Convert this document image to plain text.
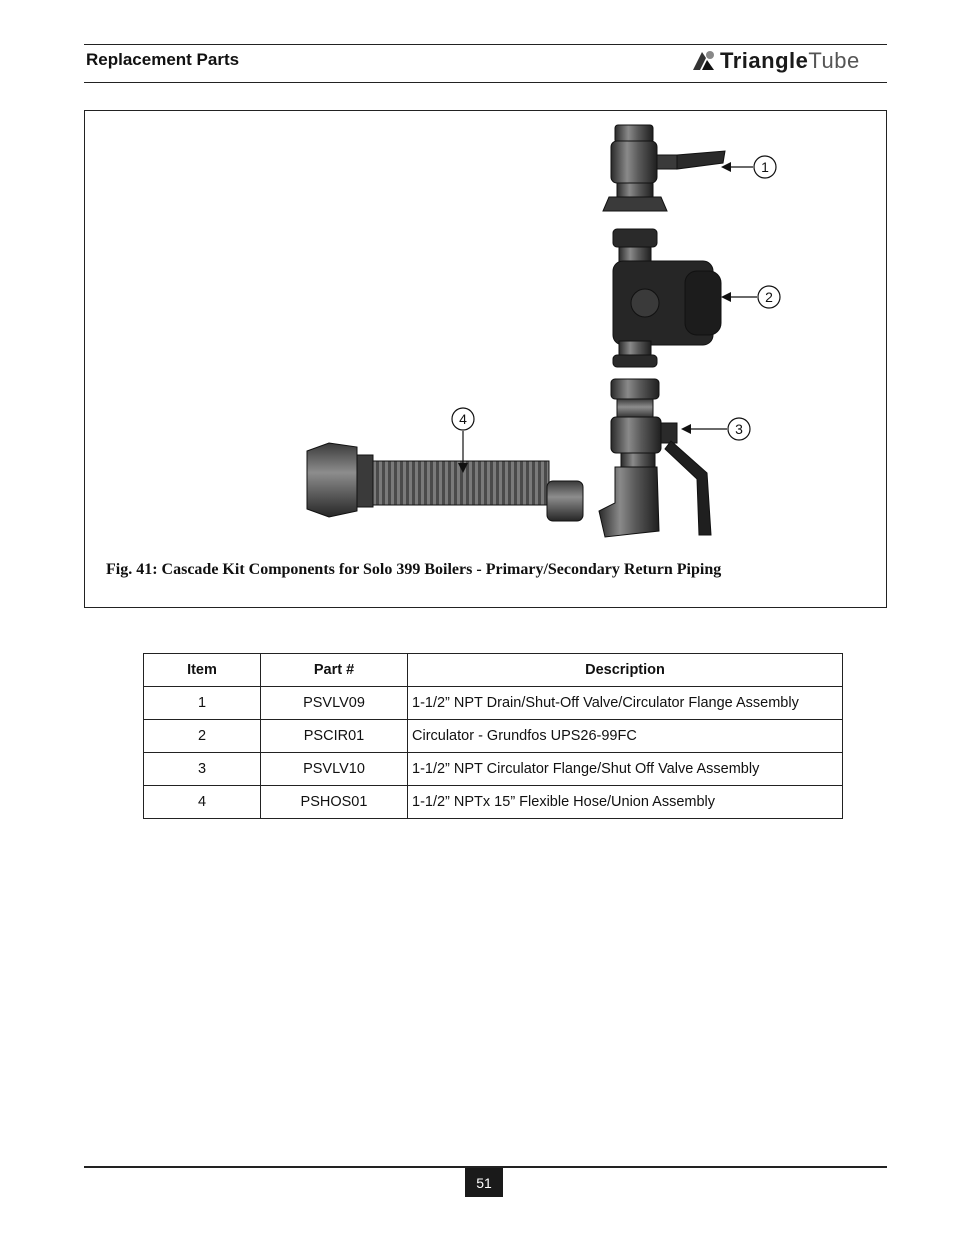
Replacement Parts	TriangleTube
1
2
3
4
Fig. 41: Cascade Kit Components for Solo 399 Boilers - Primary/Secondary Return Piping
Item	Part #	Description
1	PSVLV09	1-1/2” NPT Drain/Shut-Off Valve/Circulator Flange Assembly
2	PSCIR01	Circulator - Grundfos UPS26-99FC
3	PSVLV10	1-1/2” NPT Circulator Flange/Shut Off Valve Assembly
4	PSHOS01	1-1/2” NPTx 15” Flexible Hose/Union Assembly
51
